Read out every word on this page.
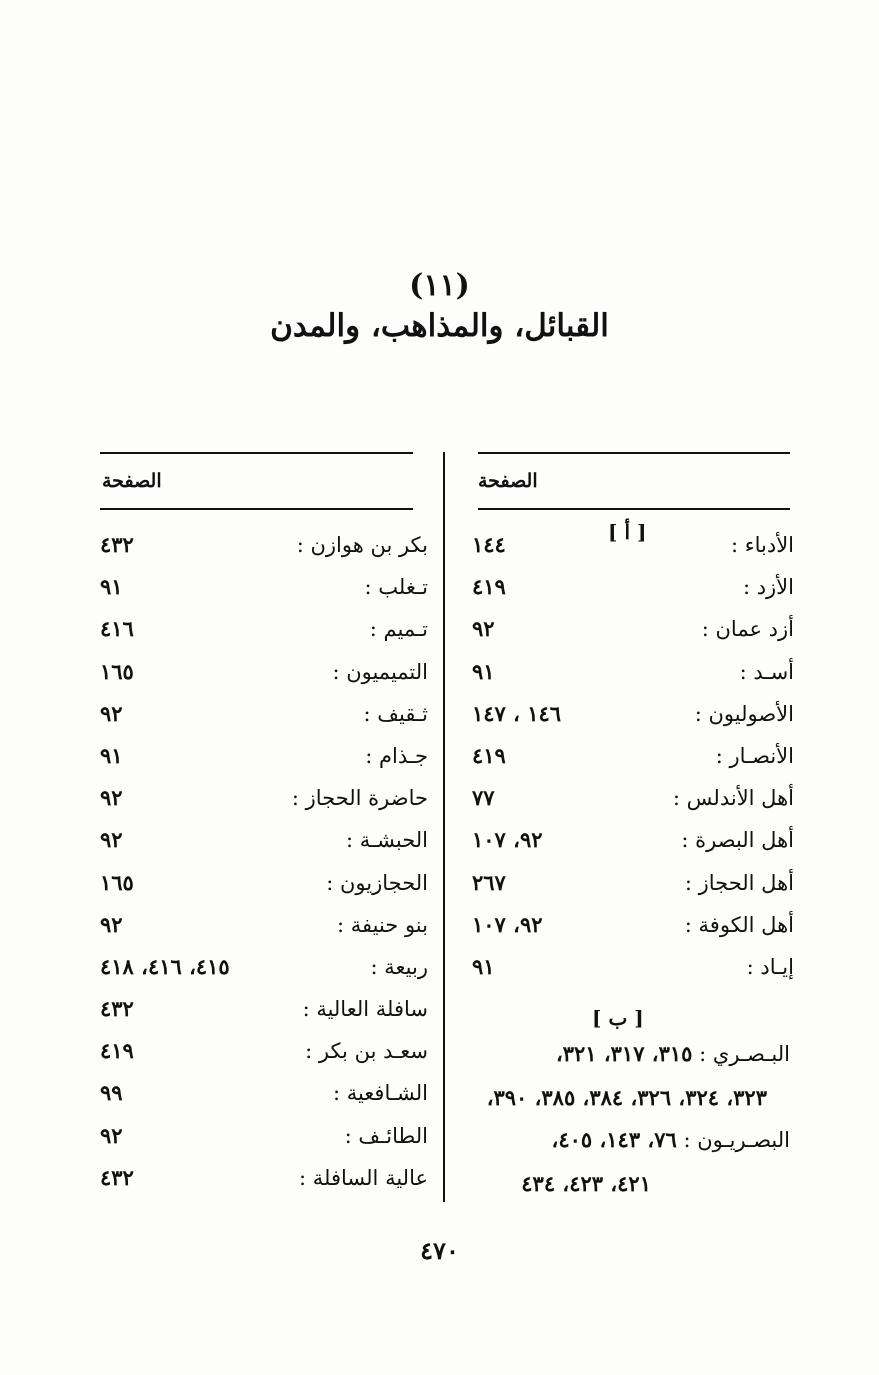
(١١)
القبائل، والمذاهب، والمدن
الصفحة
الصفحة
[ أ ]
الأدباء :
١٤٤
الأزد :
٤١٩
أزد عمان :
٩٢
أسـد :
٩١
الأصوليون :
١٤٦ ، ١٤٧
الأنصـار :
٤١٩
أهل الأندلس :
٧٧
أهل البصرة :
٩٢، ١٠٧
أهل الحجاز :
٢٦٧
أهل الكوفة :
٩٢، ١٠٧
إيـاد :
٩١
[ ب ]
البـصـري : ٣١٥، ٣١٧، ٣٢١،
٣٢٣، ٣٢٤، ٣٢٦، ٣٨٤، ٣٨٥، ٣٩٠،
البصـريـون : ٧٦، ١٤٣، ٤٠٥،
٤٢١، ٤٢٣، ٤٣٤
بكر بن هوازن :
٤٣٢
تـغلب :
٩١
تـميم :
٤١٦
التميميون :
١٦٥
ثـقيف :
٩٢
جـذام :
٩١
حاضرة الحجاز :
٩٢
الحبشـة :
٩٢
الحجازيون :
١٦٥
بنو حنيفة :
٩٢
ربيعة :
٤١٥، ٤١٦، ٤١٨
سافلة العالية :
٤٣٢
سعـد بن بكر :
٤١٩
الشـافعية :
٩٩
الطائـف :
٩٢
عالية السافلة :
٤٣٢
٤٧٠
